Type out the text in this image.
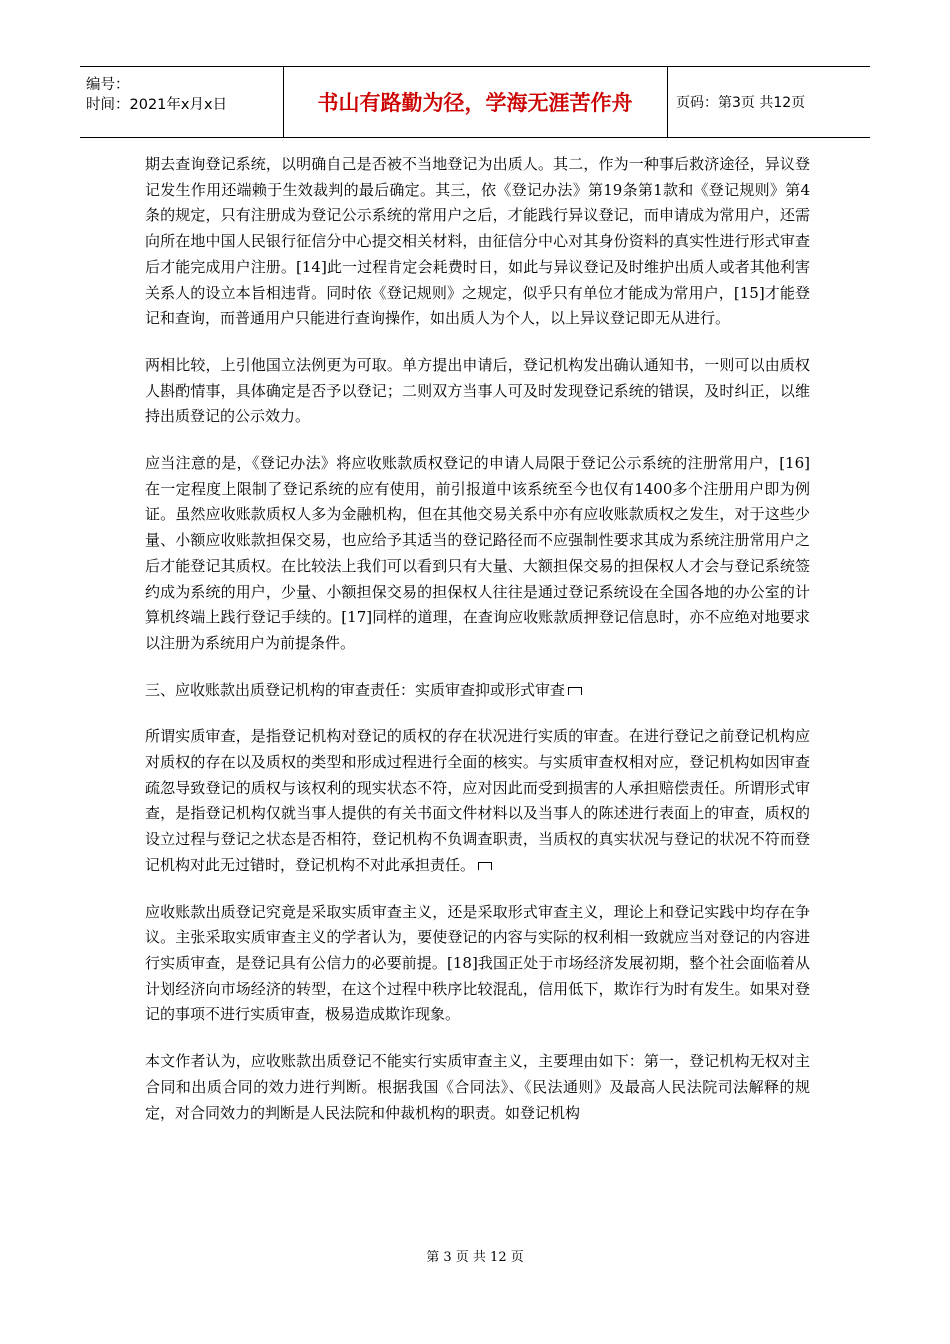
编号：
时间：2021年x月x日	书山有路勤为径，学海无涯苦作舟	页码：第3页 共12页

期去查询登记系统，以明确自己是否被不当地登记为出质人。其二，作为一种事后救济途径，异议登记发生作用还端赖于生效裁判的最后确定。其三，依《登记办法》第19条第1款和《登记规则》第4条的规定，只有注册成为登记公示系统的常用户之后，才能践行异议登记，而申请成为常用户，还需向所在地中国人民银行征信分中心提交相关材料，由征信分中心对其身份资料的真实性进行形式审查后才能完成用户注册。[14]此一过程肯定会耗费时日，如此与异议登记及时维护出质人或者其他利害关系人的设立本旨相违背。同时依《登记规则》之规定，似乎只有单位才能成为常用户，[15]才能登记和查询，而普通用户只能进行查询操作，如出质人为个人，以上异议登记即无从进行。

两相比较，上引他国立法例更为可取。单方提出申请后，登记机构发出确认通知书，一则可以由质权人斟酌情事，具体确定是否予以登记；二则双方当事人可及时发现登记系统的错误，及时纠正，以维持出质登记的公示效力。

应当注意的是，《登记办法》将应收账款质权登记的申请人局限于登记公示系统的注册常用户，[16]在一定程度上限制了登记系统的应有使用，前引报道中该系统至今也仅有1400多个注册用户即为例证。虽然应收账款质权人多为金融机构，但在其他交易关系中亦有应收账款质权之发生，对于这些少量、小额应收账款担保交易，也应给予其适当的登记路径而不应强制性要求其成为系统注册常用户之后才能登记其质权。在比较法上我们可以看到只有大量、大额担保交易的担保权人才会与登记系统签约成为系统的用户，少量、小额担保交易的担保权人往往是通过登记系统设在全国各地的办公室的计算机终端上践行登记手续的。[17]同样的道理，在查询应收账款质押登记信息时，亦不应绝对地要求以注册为系统用户为前提条件。

三、应收账款出质登记机构的审查责任：实质审查抑或形式审查

所谓实质审查，是指登记机构对登记的质权的存在状况进行实质的审查。在进行登记之前登记机构应对质权的存在以及质权的类型和形成过程进行全面的核实。与实质审查权相对应，登记机构如因审查疏忽导致登记的质权与该权利的现实状态不符，应对因此而受到损害的人承担赔偿责任。所谓形式审查，是指登记机构仅就当事人提供的有关书面文件材料以及当事人的陈述进行表面上的审查，质权的设立过程与登记之状态是否相符，登记机构不负调查职责，当质权的真实状况与登记的状况不符而登记机构对此无过错时，登记机构不对此承担责任。

应收账款出质登记究竟是采取实质审查主义，还是采取形式审查主义，理论上和登记实践中均存在争议。主张采取实质审查主义的学者认为，要使登记的内容与实际的权利相一致就应当对登记的内容进行实质审查，是登记具有公信力的必要前提。[18]我国正处于市场经济发展初期，整个社会面临着从计划经济向市场经济的转型，在这个过程中秩序比较混乱，信用低下，欺诈行为时有发生。如果对登记的事项不进行实质审查，极易造成欺诈现象。

本文作者认为，应收账款出质登记不能实行实质审查主义，主要理由如下：第一，登记机构无权对主合同和出质合同的效力进行判断。根据我国《合同法》、《民法通则》及最高人民法院司法解释的规定，对合同效力的判断是人民法院和仲裁机构的职责。如登记机构

第 3 页 共 12 页
